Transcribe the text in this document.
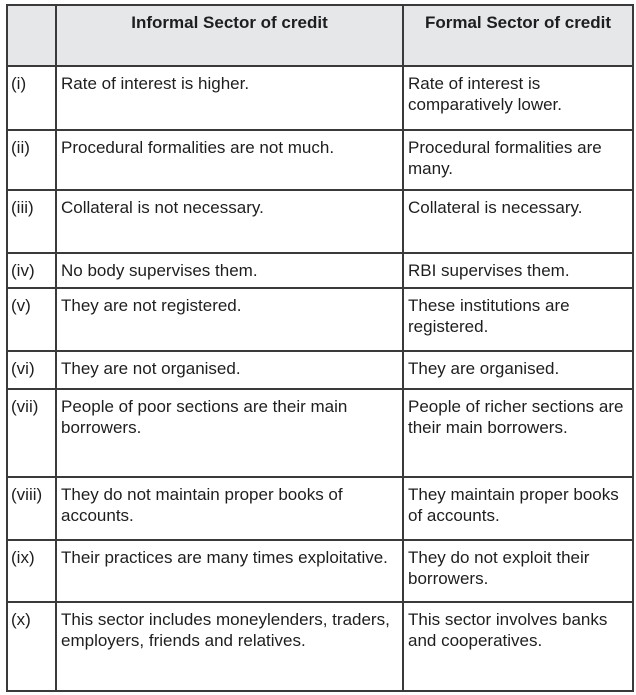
	Informal Sector of credit	Formal Sector of credit
(i)	Rate of interest is higher.	Rate of interest is comparatively lower.
(ii)	Procedural formalities are not much.	Procedural formalities are many.
(iii)	Collateral is not necessary.	Collateral is necessary.
(iv)	No body supervises them.	RBI supervises them.
(v)	They are not registered.	These institutions are registered.
(vi)	They are not organised.	They are organised.
(vii)	People of poor sections are their main borrowers.	People of richer sections are their main borrowers.
(viii)	They do not maintain proper books of accounts.	They maintain proper books of accounts.
(ix)	Their practices are many times exploitative.	They do not exploit their borrowers.
(x)	This sector includes moneylenders, traders, employers, friends and relatives.	This sector involves banks and cooperatives.
